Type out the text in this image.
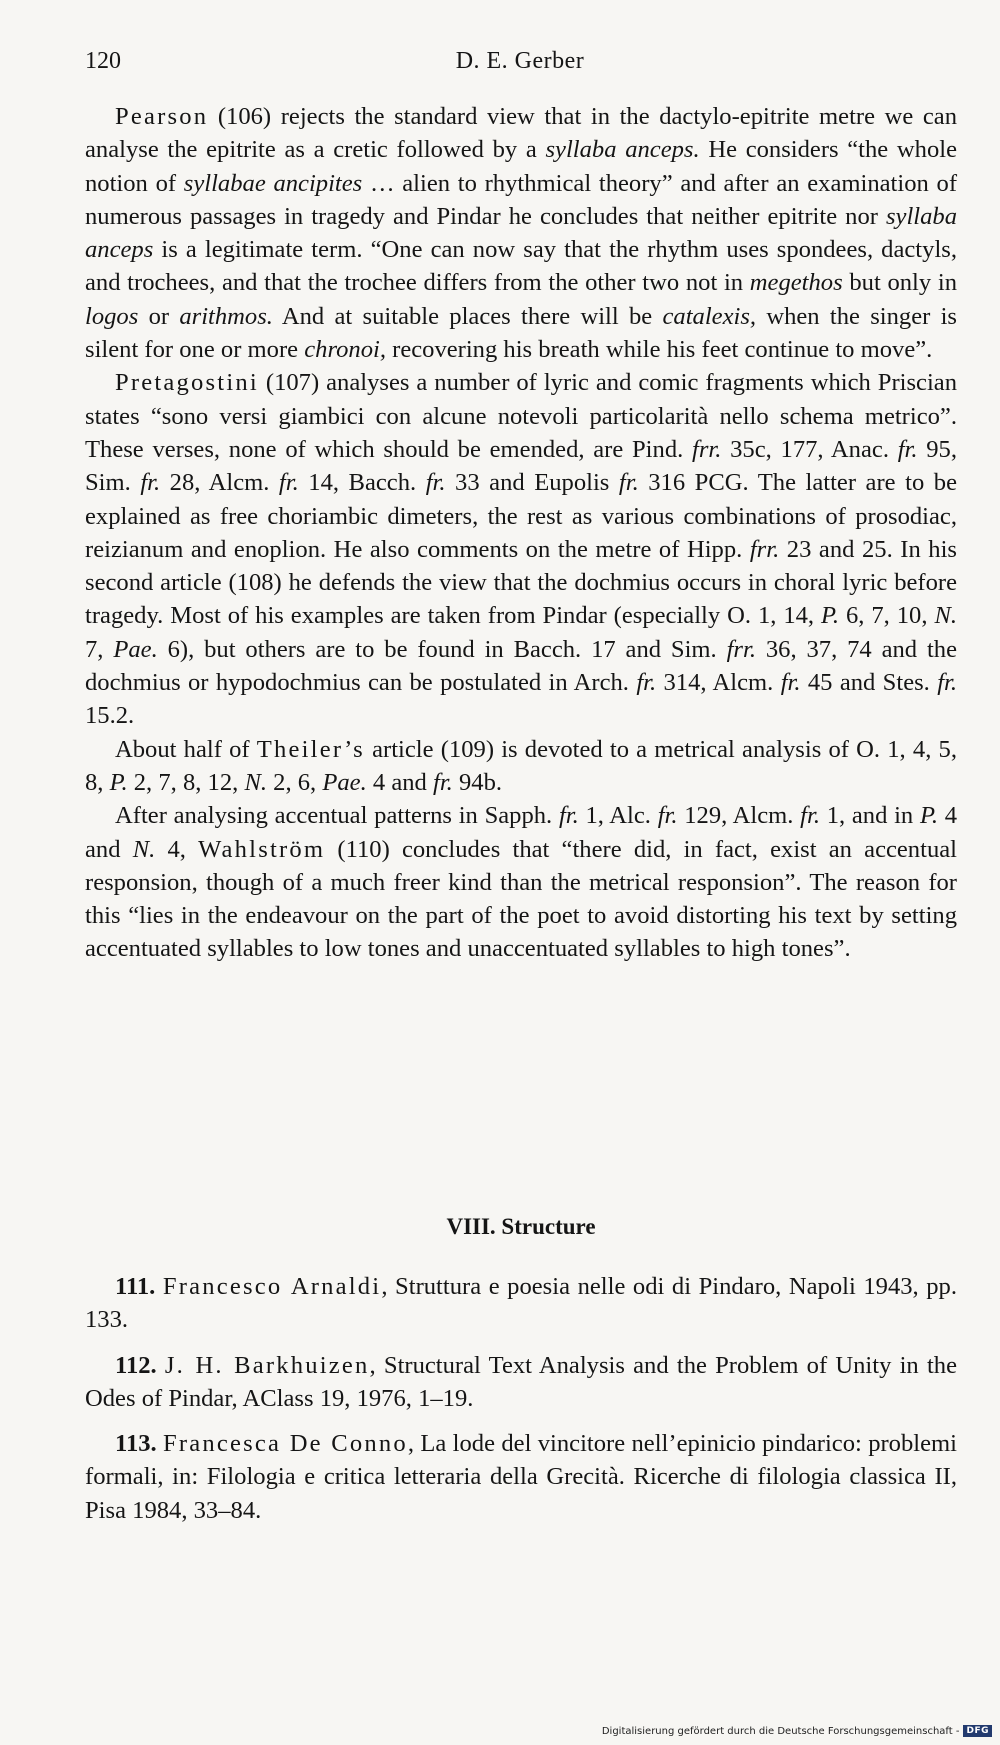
120	D. E. Gerber

Pearson (106) rejects the standard view that in the dactylo-epitrite metre we can analyse the epitrite as a cretic followed by a syllaba anceps. He considers “the whole notion of syllabae ancipites … alien to rhythmical theory” and after an examination of numerous passages in tragedy and Pindar he concludes that neither epitrite nor syllaba anceps is a legitimate term. “One can now say that the rhythm uses spondees, dactyls, and trochees, and that the trochee differs from the other two not in megethos but only in logos or arithmos. And at suitable places there will be catalexis, when the singer is silent for one or more chronoi, recovering his breath while his feet continue to move”.

Pretagostini (107) analyses a number of lyric and comic fragments which Priscian states “sono versi giambici con alcune notevoli particolarità nello schema metrico”. These verses, none of which should be emended, are Pind. frr. 35c, 177, Anac. fr. 95, Sim. fr. 28, Alcm. fr. 14, Bacch. fr. 33 and Eupolis fr. 316 PCG. The latter are to be explained as free choriambic dimeters, the rest as various combinations of prosodiac, reizianum and enoplion. He also comments on the metre of Hipp. frr. 23 and 25. In his second article (108) he defends the view that the dochmius occurs in choral lyric before tragedy. Most of his examples are taken from Pindar (especially O. 1, 14, P. 6, 7, 10, N. 7, Pae. 6), but others are to be found in Bacch. 17 and Sim. frr. 36, 37, 74 and the dochmius or hypodochmius can be postulated in Arch. fr. 314, Alcm. fr. 45 and Stes. fr. 15.2.

About half of Theiler’s article (109) is devoted to a metrical analysis of O. 1, 4, 5, 8, P. 2, 7, 8, 12, N. 2, 6, Pae. 4 and fr. 94b.

After analysing accentual patterns in Sapph. fr. 1, Alc. fr. 129, Alcm. fr. 1, and in P. 4 and N. 4, Wahlström (110) concludes that “there did, in fact, exist an accentual responsion, though of a much freer kind than the metrical responsion”. The reason for this “lies in the endeavour on the part of the poet to avoid distorting his text by setting accentuated syllables to low tones and unaccentuated syllables to high tones”.

VIII. Structure

111. Francesco Arnaldi, Struttura e poesia nelle odi di Pindaro, Napoli 1943, pp. 133.

112. J. H. Barkhuizen, Structural Text Analysis and the Problem of Unity in the Odes of Pindar, AClass 19, 1976, 1–19.

113. Francesca De Conno, La lode del vincitore nell’epinicio pindarico: problemi formali, in: Filologia e critica letteraria della Grecità. Ricerche di filologia classica II, Pisa 1984, 33–84.

Digitalisierung gefördert durch die Deutsche Forschungsgemeinschaft - DFG
